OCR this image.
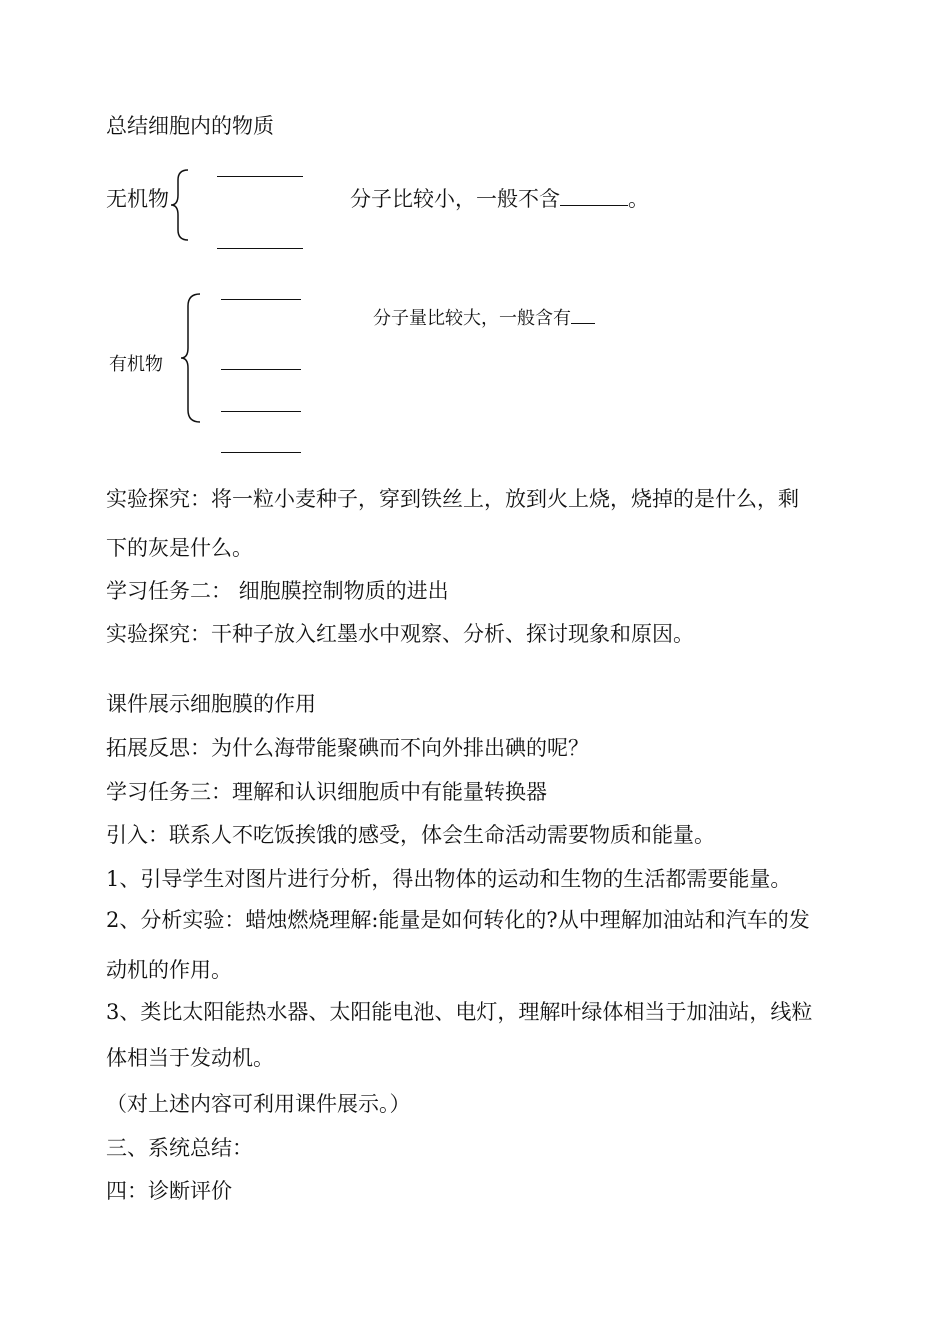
总结细胞内的物质
无机物	分子比较小，一般不含	。
有机物
分子量比较大，一般含有
实验探究：将一粒小麦种子，穿到铁丝上，放到火上烧，烧掉的是什么，剩
下的灰是什么。
学习任务二： 细胞膜控制物质的进出
实验探究：干种子放入红墨水中观察、分析、探讨现象和原因。
课件展示细胞膜的作用
拓展反思：为什么海带能聚碘而不向外排出碘的呢？
学习任务三：理解和认识细胞质中有能量转换器
引入：联系人不吃饭挨饿的感受，体会生命活动需要物质和能量。
1、引导学生对图片进行分析，得出物体的运动和生物的生活都需要能量。
2、分析实验：蜡烛燃烧理解:能量是如何转化的?从中理解加油站和汽车的发
动机的作用。
3、类比太阳能热水器、太阳能电池、电灯，理解叶绿体相当于加油站，线粒
体相当于发动机。
（对上述内容可利用课件展示。）
三、系统总结：
四：诊断评价
